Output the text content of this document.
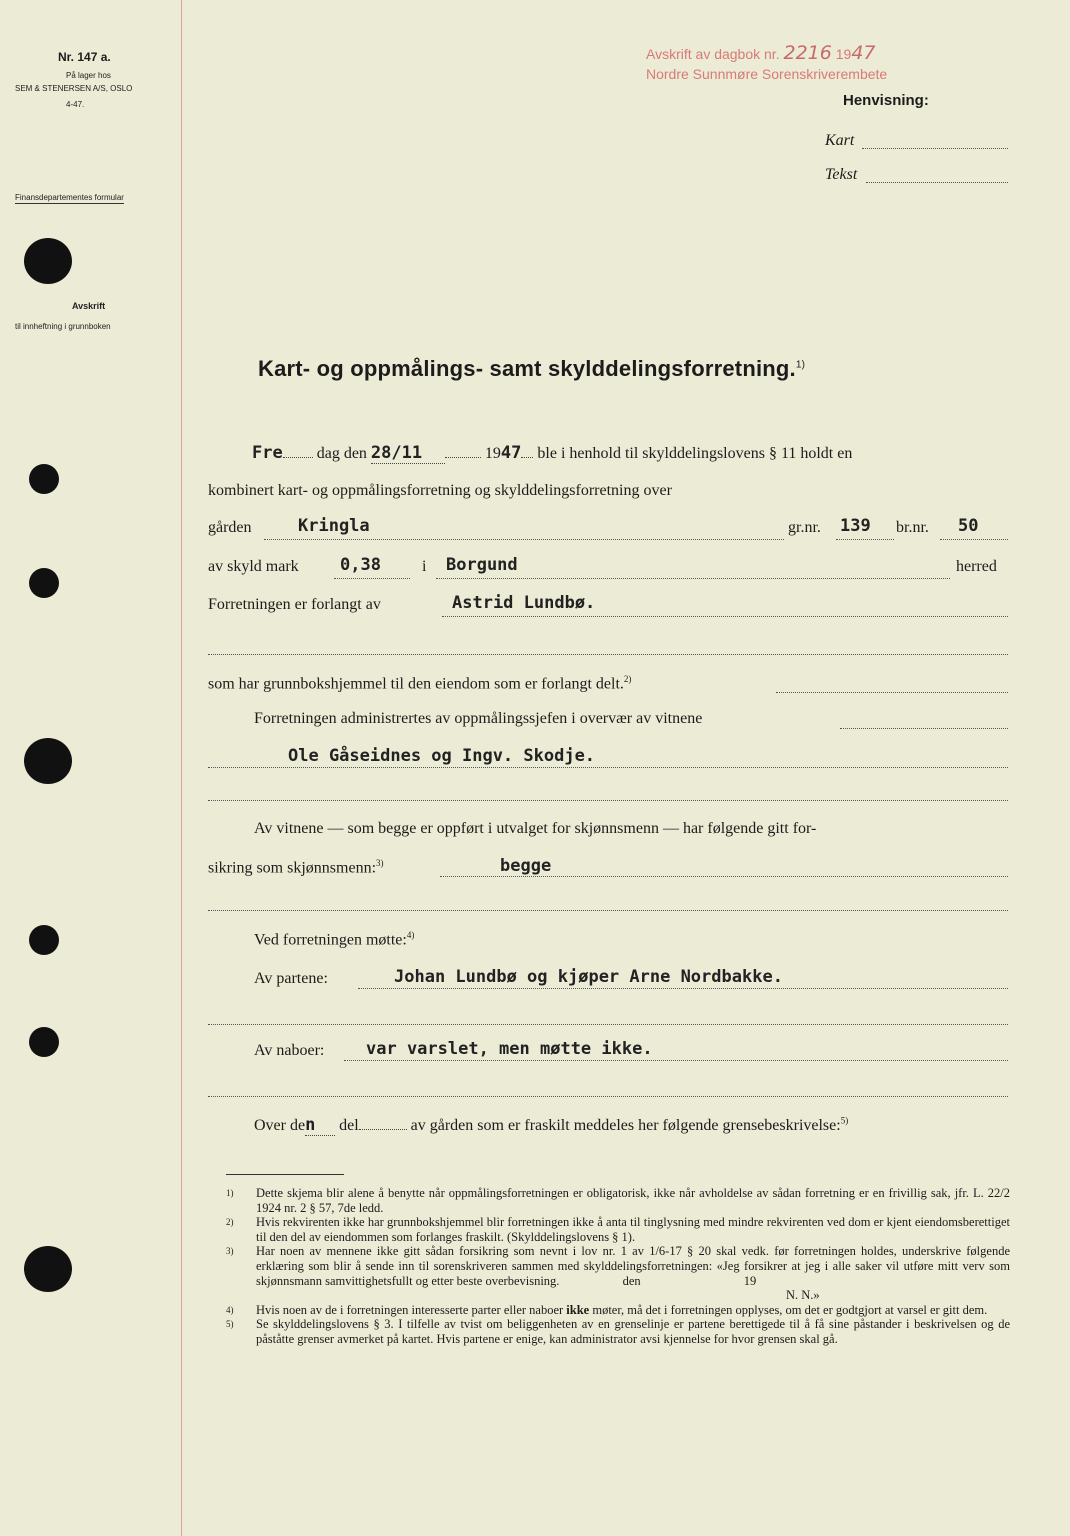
Nr. 147 a.
På lager hos
SEM & STENERSEN A/S, OSLO
4-47.
Finansdepartementes formular
Avskrift
til innheftning i grunnboken
Avskrift av dagbok nr. 2216 1947
Nordre Sunnmøre Sorenskriverembete
Henvisning:
Kart
Tekst
Kart- og oppmålings- samt skylddelingsforretning.$^{1)}$
Fre dag den 28/11	1947 ble i henhold til skylddelingslovens § 11 holdt en
kombinert kart- og oppmålingsforretning og skylddelingsforretning over
gården	Kringla	gr.nr. 139 br.nr. 50
av skyld mark 0,38	i Borgund	herred
Forretningen er forlangt av	Astrid Lundbø.
som har grunnbokshjemmel til den eiendom som er forlangt delt.$^{2)}$
Forretningen administrertes av oppmålingssjefen i overvær av vitnene
Ole Gåseidnes og Ingv. Skodje.
Av vitnene — som begge er oppført i utvalget for skjønnsmenn — har følgende gitt for-
sikring som skjønnsmenn:$^{3)}$	begge
Ved forretningen møtte:$^{4)}$
Av partene:	Johan Lundbø og kjøper Arne Nordbakke.
Av naboer: var varslet, men møtte ikke.
Over den del	av gården som er fraskilt meddeles her følgende grensebeskrivelse:$^{5)}$
1)	Dette skjema blir alene å benytte når oppmålingsforretningen er obligatorisk, ikke når avholdelse av sådan forretning er en frivillig sak, jfr. L. 22/2 1924 nr. 2 § 57, 7de ledd.
2)	Hvis rekvirenten ikke har grunnbokshjemmel blir forretningen ikke å anta til tinglysning med mindre rekvirenten ved dom er kjent eiendomsberettiget til den del av eiendommen som forlanges fraskilt. (Skylddelingslovens § 1).
3)	Har noen av mennene ikke gitt sådan forsikring som nevnt i lov nr. 1 av 1/6-17 § 20 skal vedk. før forretningen holdes, underskrive følgende erklæring som blir å sende inn til sorenskriveren sammen med skylddelingsforretningen: «Jeg forsikrer at jeg i alle saker vil utføre mitt verv som skjønnsmann samvittighetsfullt og etter beste overbevisning.	den	19
N. N.»
4)	Hvis noen av de i forretningen interesserte parter eller naboer ikke møter, må det i forretningen opplyses, om det er godtgjort at varsel er gitt dem.
5)	Se skylddelingslovens § 3. I tilfelle av tvist om beliggenheten av en grenselinje er partene berettigede til å få sine påstander i beskrivelsen og de påståtte grenser avmerket på kartet. Hvis partene er enige, kan administrator avsi kjennelse for hvor grensen skal gå.
